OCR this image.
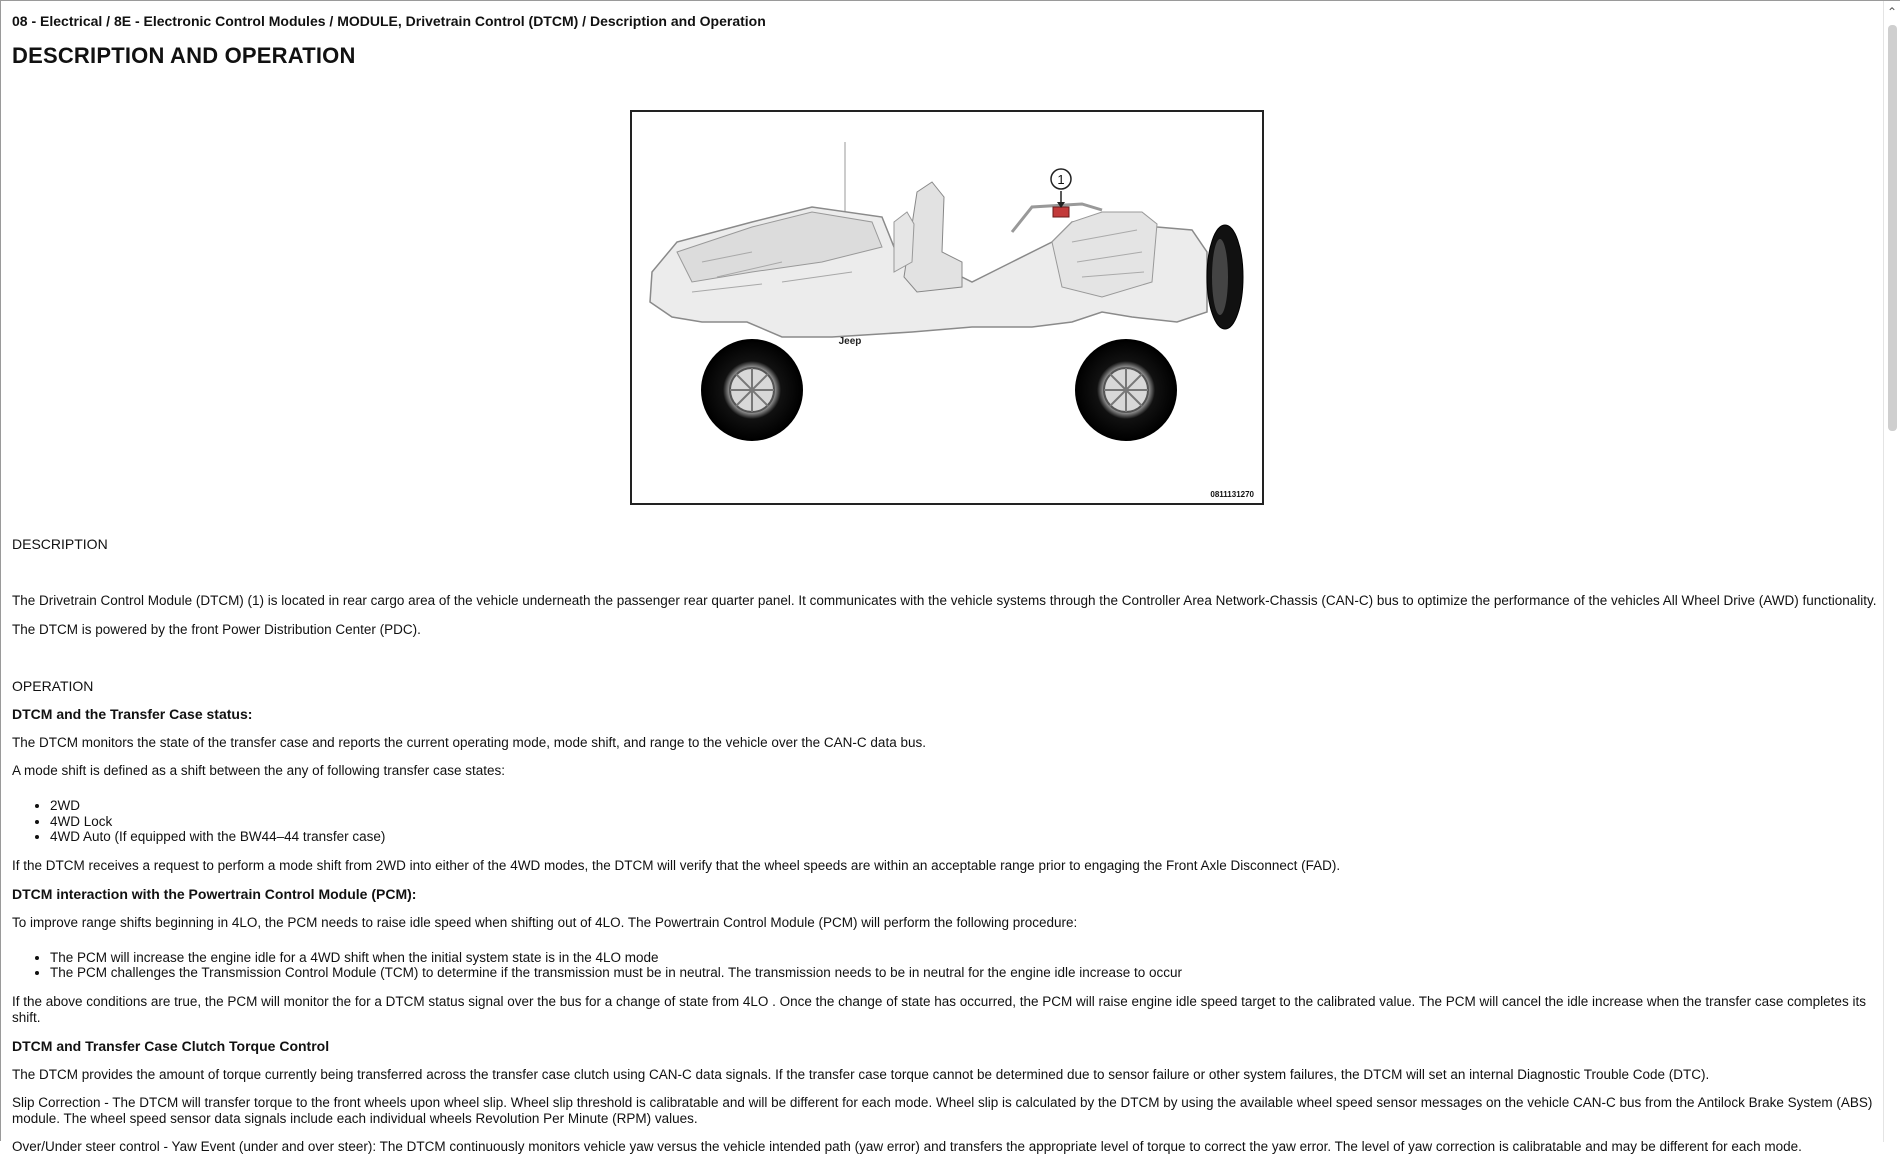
08 - Electrical / 8E - Electronic Control Modules / MODULE, Drivetrain Control (DTCM) / Description and Operation

DESCRIPTION AND OPERATION
1
Jeep
0811131270

DESCRIPTION

The Drivetrain Control Module (DTCM) (1) is located in rear cargo area of the vehicle underneath the passenger rear quarter panel. It communicates with the vehicle systems through the Controller Area Network-Chassis (CAN-C) bus to optimize the performance of the vehicles All Wheel Drive (AWD) functionality.

The DTCM is powered by the front Power Distribution Center (PDC).

OPERATION

DTCM and the Transfer Case status:

The DTCM monitors the state of the transfer case and reports the current operating mode, mode shift, and range to the vehicle over the CAN-C data bus.

A mode shift is defined as a shift between the any of following transfer case states:

• 2WD
• 4WD Lock
• 4WD Auto (If equipped with the BW44–44 transfer case)

If the DTCM receives a request to perform a mode shift from 2WD into either of the 4WD modes, the DTCM will verify that the wheel speeds are within an acceptable range prior to engaging the Front Axle Disconnect (FAD).

DTCM interaction with the Powertrain Control Module (PCM):

To improve range shifts beginning in 4LO, the PCM needs to raise idle speed when shifting out of 4LO. The Powertrain Control Module (PCM) will perform the following procedure:

• The PCM will increase the engine idle for a 4WD shift when the initial system state is in the 4LO mode
• The PCM challenges the Transmission Control Module (TCM) to determine if the transmission must be in neutral. The transmission needs to be in neutral for the engine idle increase to occur

If the above conditions are true, the PCM will monitor the for a DTCM status signal over the bus for a change of state from 4LO . Once the change of state has occurred, the PCM will raise engine idle speed target to the calibrated value. The PCM will cancel the idle increase when the transfer case completes its shift.

DTCM and Transfer Case Clutch Torque Control

The DTCM provides the amount of torque currently being transferred across the transfer case clutch using CAN-C data signals. If the transfer case torque cannot be determined due to sensor failure or other system failures, the DTCM will set an internal Diagnostic Trouble Code (DTC).

Slip Correction - The DTCM will transfer torque to the front wheels upon wheel slip. Wheel slip threshold is calibratable and will be different for each mode. Wheel slip is calculated by the DTCM by using the available wheel speed sensor messages on the vehicle CAN-C bus from the Antilock Brake System (ABS) module. The wheel speed sensor data signals include each individual wheels Revolution Per Minute (RPM) values.

Over/Under steer control - Yaw Event (under and over steer): The DTCM continuously monitors vehicle yaw versus the vehicle intended path (yaw error) and transfers the appropriate level of torque to correct the yaw error. The level of yaw correction is calibratable and may be different for each mode.

⌃
